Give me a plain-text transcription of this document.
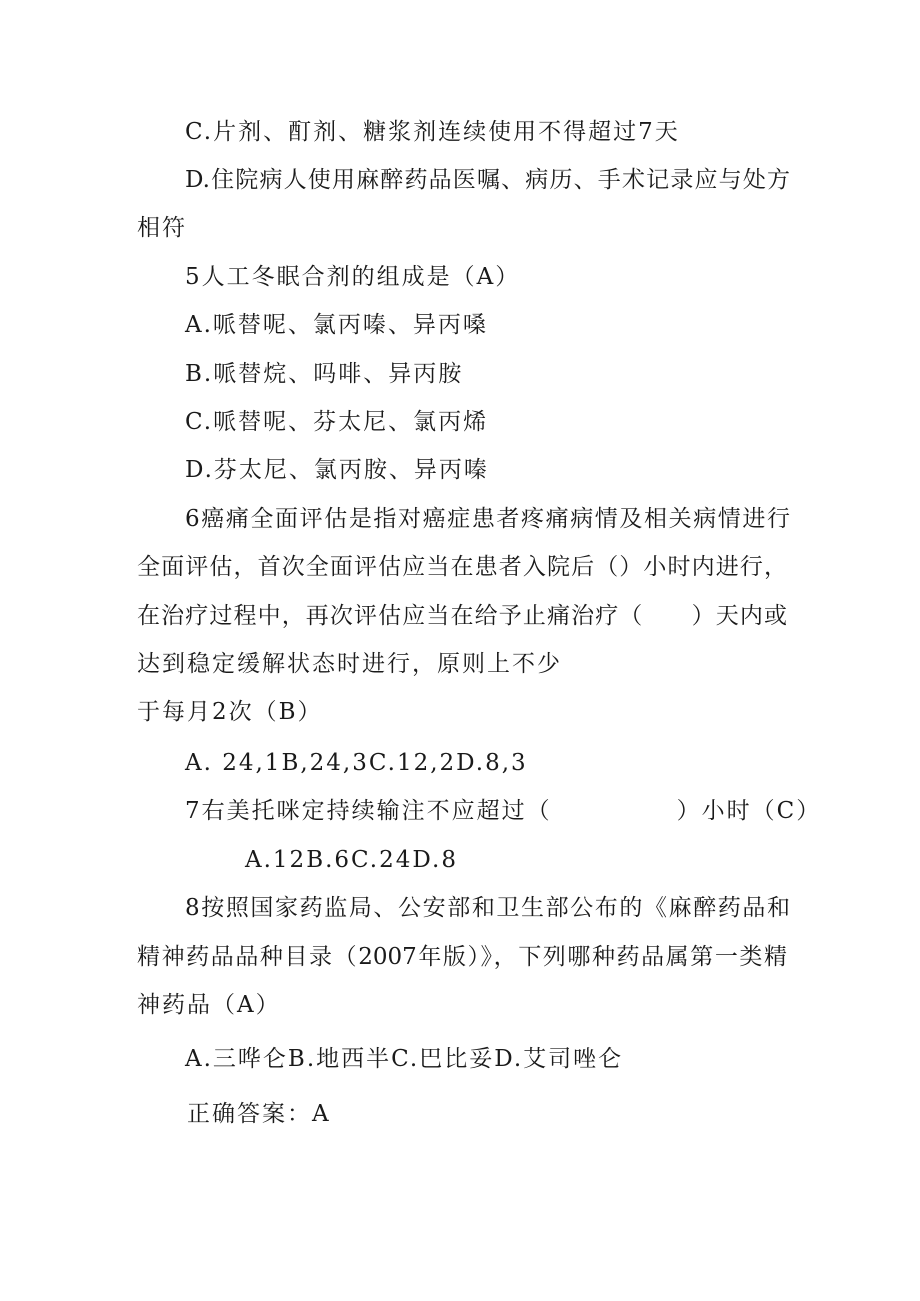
C.片剂、酊剂、糖浆剂连续使用不得超过7天
D.住院病人使用麻醉药品医嘱、病历、手术记录应与处方
相符
5人工冬眠合剂的组成是（A）
A.哌替呢、氯丙嗪、异丙嗓
B.哌替烷、吗啡、异丙胺
C.哌替呢、芬太尼、氯丙烯
D.芬太尼、氯丙胺、异丙嗪
6癌痛全面评估是指对癌症患者疼痛病情及相关病情进行
全面评估，首次全面评估应当在患者入院后（）小时内进行，
在治疗过程中，再次评估应当在给予止痛治疗（　　）天内或
达到稳定缓解状态时进行，原则上不少
于每月2次（B）
A. 24,1B,24,3C.12,2D.8,3
7右美托咪定持续输注不应超过（　　　　　）小时（C）
A.12B.6C.24D.8
8按照国家药监局、公安部和卫生部公布的《麻醉药品和
精神药品品种目录（2007年版）》，下列哪种药品属第一类精
神药品（A）
A.三哗仑B.地西半C.巴比妥D.艾司唑仑
正确答案：A
